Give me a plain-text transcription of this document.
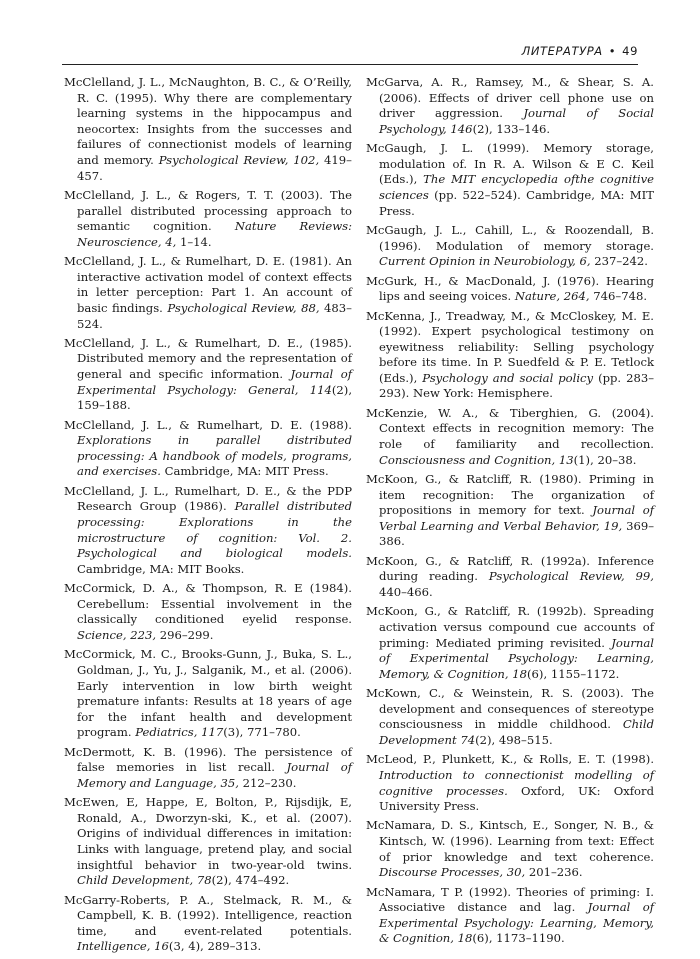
ЛИТЕРАТУРА • 49

McClelland, J. L., McNaughton, B. C., & O’Reilly, R. C. (1995). Why there are complementary learning systems in the hippocampus and neocortex: Insights from the successes and failures of connectionist models of learning and memory. Psychological Review, 102, 419–457.

McClelland, J. L., & Rogers, T. T. (2003). The parallel distributed processing approach to semantic cognition. Nature Reviews: Neuroscience, 4, 1–14.

McClelland, J. L., & Rumelhart, D. E. (1981). An interactive activation model of context effects in letter perception: Part 1. An account of basic findings. Psychological Review, 88, 483–524.

McClelland, J. L., & Rumelhart, D. E., (1985). Distributed memory and the representation of general and specific information. Journal of Experimental Psychology: General, 114(2), 159–188.

McClelland, J. L., & Rumelhart, D. E. (1988). Explorations in parallel distributed processing: A handbook of models, programs, and exercises. Cambridge, MA: MIT Press.

McClelland, J. L., Rumelhart, D. E., & the PDP Research Group (1986). Parallel distributed processing: Explorations in the microstructure of cognition: Vol. 2. Psychological and biological models. Cambridge, MA: MIT Books.

McCormick, D. A., & Thompson, R. E (1984). Cerebellum: Essential involvement in the classically conditioned eyelid response. Science, 223, 296–299.

McCormick, M. C., Brooks-Gunn, J., Buka, S. L., Goldman, J., Yu, J., Salganik, M., et al. (2006). Early intervention in low birth weight premature infants: Results at 18 years of age for the infant health and development program. Pediatrics, 117(3), 771–780.

McDermott, K. B. (1996). The persistence of false memories in list recall. Journal of Memory and Language, 35, 212–230.

McEwen, E, Happe, E, Bolton, P., Rijsdijk, E, Ronald, A., Dworzyn-ski, K., et al. (2007). Origins of individual differences in imitation: Links with language, pretend play, and social insightful behavior in two-year-old twins. Child Development, 78(2), 474–492.

McGarry-Roberts, P. A., Stelmack, R. M., & Campbell, K. B. (1992). Intelligence, reaction time, and event-related potentials. Intelligence, 16(3, 4), 289–313.

McGarva, A. R., Ramsey, M., & Shear, S. A. (2006). Effects of driver cell phone use on driver aggression. Journal of Social Psychology, 146(2), 133–146.

McGaugh, J. L. (1999). Memory storage, modulation of. In R. A. Wilson & E C. Keil (Eds.), The MIT encyclopedia ofthe cognitive sciences (pp. 522–524). Cambridge, MA: MIT Press.

McGaugh, J. L., Cahill, L., & Roozendall, B. (1996). Modulation of memory storage. Current Opinion in Neurobiology, 6, 237–242.

McGurk, H., & MacDonald, J. (1976). Hearing lips and seeing voices. Nature, 264, 746–748.

McKenna, J., Treadway, M., & McCloskey, M. E. (1992). Expert psychological testimony on eyewitness reliability: Selling psychology before its time. In P. Suedfeld & P. E. Tetlock (Eds.), Psychology and social policy (pp. 283–293). New York: Hemisphere.

McKenzie, W. A., & Tiberghien, G. (2004). Context effects in recognition memory: The role of familiarity and recollection. Consciousness and Cognition, 13(1), 20–38.

McKoon, G., & Ratcliff, R. (1980). Priming in item recognition: The organization of propositions in memory for text. Journal of Verbal Learning and Verbal Behavior, 19, 369–386.

McKoon, G., & Ratcliff, R. (1992a). Inference during reading. Psychological Review, 99, 440–466.

McKoon, G., & Ratcliff, R. (1992b). Spreading activation versus compound cue accounts of priming: Mediated priming revisited. Journal of Experimental Psychology: Learning, Memory, & Cognition, 18(6), 1155–1172.

McKown, C., & Weinstein, R. S. (2003). The development and consequences of stereotype consciousness in middle childhood. Child Development 74(2), 498–515.

McLeod, P., Plunkett, K., & Rolls, E. T. (1998). Introduction to connectionist modelling of cognitive processes. Oxford, UK: Oxford University Press.

McNamara, D. S., Kintsch, E., Songer, N. B., & Kintsch, W. (1996). Learning from text: Effect of prior knowledge and text coherence. Discourse Processes, 30, 201–236.

McNamara, T P. (1992). Theories of priming: I. Associative distance and lag. Journal of Experimental Psychology: Learning, Memory, & Cognition, 18(6), 1173–1190.
